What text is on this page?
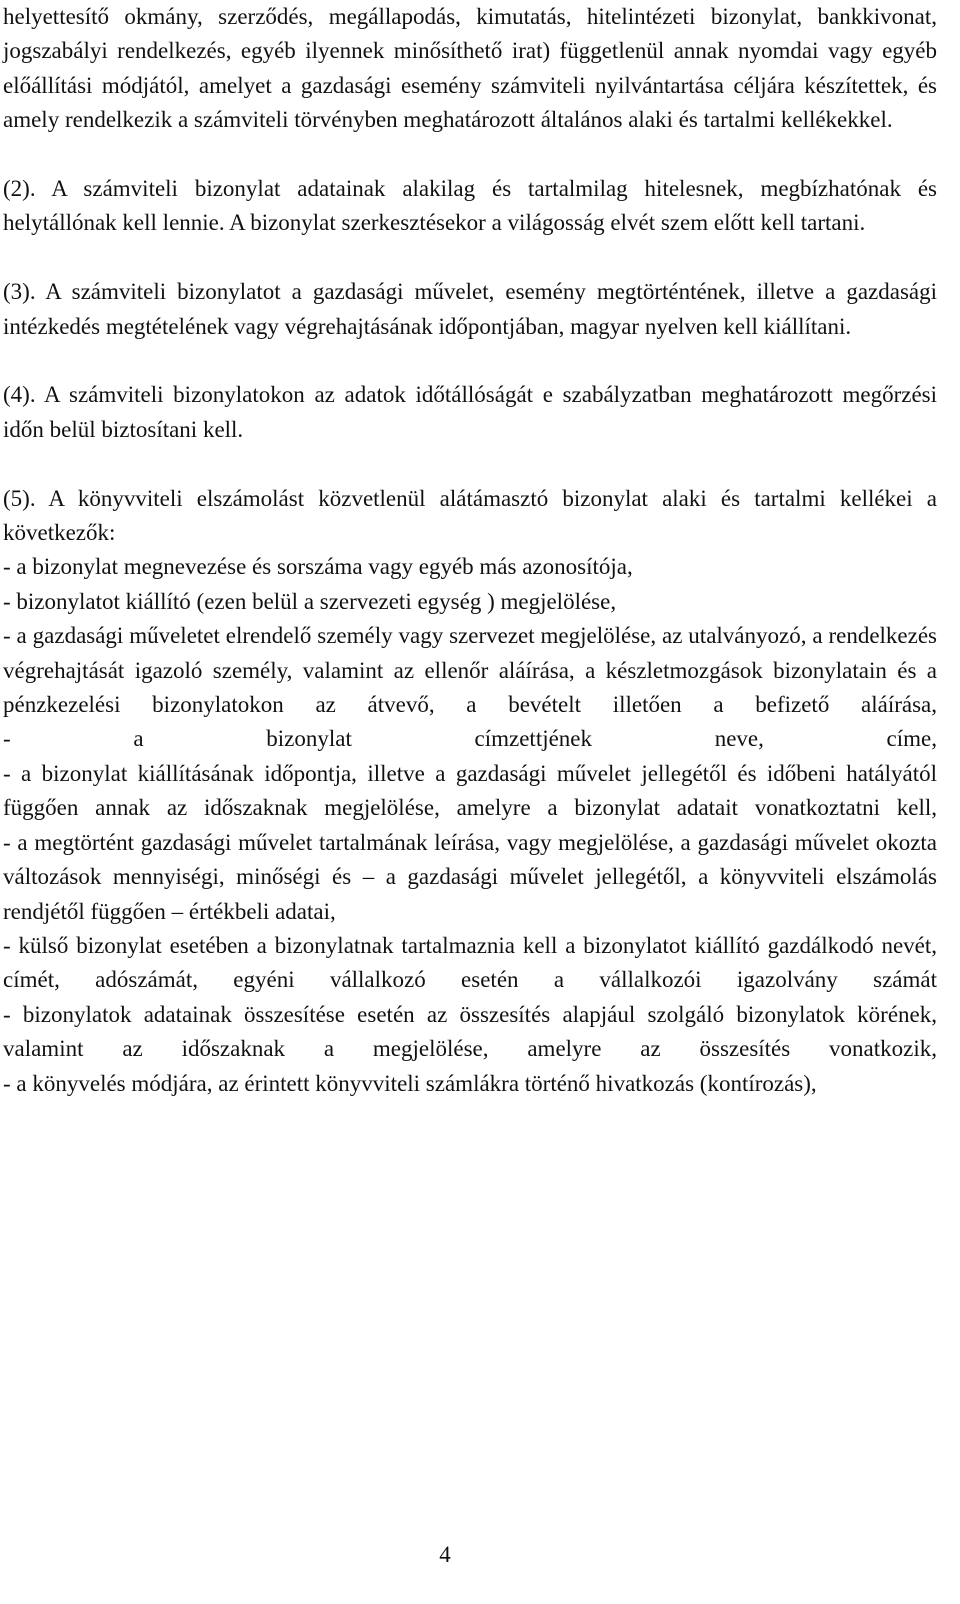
helyettesítő okmány, szerződés, megállapodás, kimutatás, hitelintézeti bizonylat, bankkivonat, jogszabályi rendelkezés, egyéb ilyennek minősíthető irat) függetlenül annak nyomdai vagy egyéb előállítási módjától, amelyet a gazdasági esemény számviteli nyilvántartása céljára készítettek, és amely rendelkezik a számviteli törvényben meghatározott általános alaki és tartalmi kellékekkel.

(2). A számviteli bizonylat adatainak alakilag és tartalmilag hitelesnek, megbízhatónak és helytállónak kell lennie. A bizonylat szerkesztésekor a világosság elvét szem előtt kell tartani.

(3). A számviteli bizonylatot a gazdasági művelet, esemény megtörténtének, illetve a gazdasági intézkedés megtételének vagy végrehajtásának időpontjában, magyar nyelven kell kiállítani.

(4). A számviteli bizonylatokon az adatok időtállóságát e szabályzatban meghatározott megőrzési időn belül biztosítani kell.

(5). A könyvviteli elszámolást közvetlenül alátámasztó bizonylat alaki és tartalmi kellékei a következők:

- a bizonylat megnevezése és sorszáma vagy egyéb más azonosítója,

- bizonylatot kiállító (ezen belül a szervezeti egység ) megjelölése,

- a gazdasági műveletet elrendelő személy vagy szervezet megjelölése, az utalványozó, a rendelkezés végrehajtását igazoló személy, valamint az ellenőr aláírása, a készletmozgások bizonylatain és a pénzkezelési bizonylatokon az átvevő, a bevételt illetően a befizető aláírása,

- a bizonylat címzettjének neve, címe,

- a bizonylat kiállításának időpontja, illetve a gazdasági művelet jellegétől és időbeni hatályától függően annak az időszaknak megjelölése, amelyre a bizonylat adatait vonatkoztatni kell,

- a megtörtént gazdasági művelet tartalmának leírása, vagy megjelölése, a gazdasági művelet okozta változások mennyiségi, minőségi és – a gazdasági művelet jellegétől, a könyvviteli elszámolás rendjétől függően – értékbeli adatai,

- külső bizonylat esetében a bizonylatnak tartalmaznia kell a bizonylatot kiállító gazdálkodó nevét, címét, adószámát, egyéni vállalkozó esetén a vállalkozói igazolvány számát

- bizonylatok adatainak összesítése esetén az összesítés alapjául szolgáló bizonylatok körének, valamint az időszaknak a megjelölése, amelyre az összesítés vonatkozik,

- a könyvelés módjára, az érintett könyvviteli számlákra történő hivatkozás (kontírozás),

4
